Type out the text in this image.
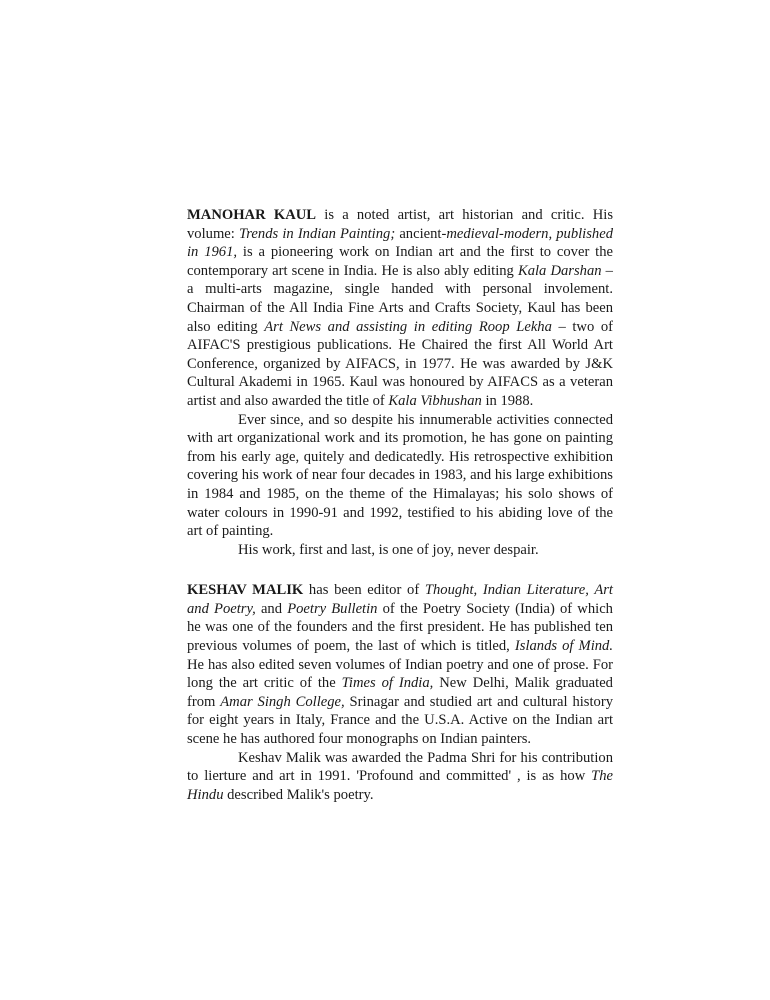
MANOHAR KAUL is a noted artist, art historian and critic. His volume: Trends in Indian Painting; ancient-medieval-modern, published in 1961, is a pioneering work on Indian art and the first to cover the contemporary art scene in India. He is also ably editing Kala Darshan – a multi-arts magazine, single handed with personal involement. Chairman of the All India Fine Arts and Crafts Society, Kaul has been also editing Art News and assisting in editing Roop Lekha – two of AIFAC'S prestigious publications. He Chaired the first All World Art Conference, organized by AIFACS, in 1977. He was awarded by J&K Cultural Akademi in 1965. Kaul was honoured by AIFACS as a veteran artist and also awarded the title of Kala Vibhushan in 1988.

Ever since, and so despite his innumerable activities connected with art organizational work and its promotion, he has gone on painting from his early age, quitely and dedicatedly. His retrospective exhibition covering his work of near four decades in 1983, and his large exhibitions in 1984 and 1985, on the theme of the Himalayas; his solo shows of water colours in 1990-91 and 1992, testified to his abiding love of the art of painting.

His work, first and last, is one of joy, never despair.

KESHAV MALIK has been editor of Thought, Indian Literature, Art and Poetry, and Poetry Bulletin of the Poetry Society (India) of which he was one of the founders and the first president. He has published ten previous volumes of poem, the last of which is titled, Islands of Mind. He has also edited seven volumes of Indian poetry and one of prose. For long the art critic of the Times of India, New Delhi, Malik graduated from Amar Singh College, Srinagar and studied art and cultural history for eight years in Italy, France and the U.S.A. Active on the Indian art scene he has authored four monographs on Indian painters.

Keshav Malik was awarded the Padma Shri for his contribution to lierture and art in 1991. 'Profound and committed' , is as how The Hindu described Malik's poetry.
